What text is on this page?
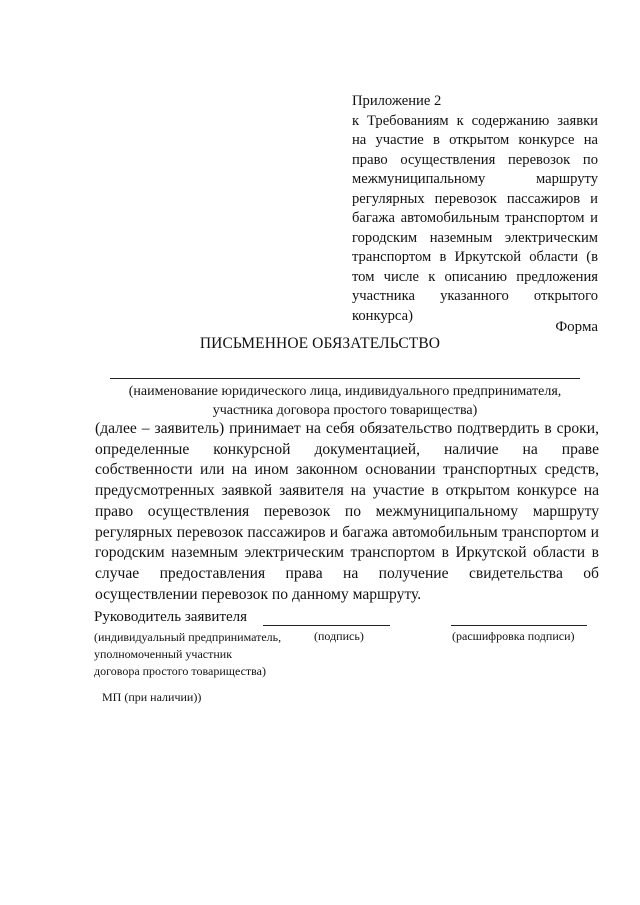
Приложение 2
к Требованиям к содержанию заявки на участие в открытом конкурсе на право осуществления перевозок по межмуниципальному маршруту регулярных перевозок пассажиров и багажа автомобильным транспортом и городским наземным электрическим транспортом в Иркутской области (в том числе к описанию предложения участника указанного открытого конкурса)
Форма
ПИСЬМЕННОЕ ОБЯЗАТЕЛЬСТВО
(наименование юридического лица, индивидуального предпринимателя,
участника договора простого товарищества)
(далее – заявитель) принимает на себя обязательство подтвердить в сроки, определенные конкурсной документацией, наличие на праве собственности или на ином законном основании транспортных средств, предусмотренных заявкой заявителя на участие в открытом конкурсе на право осуществления перевозок по межмуниципальному маршруту регулярных перевозок пассажиров и багажа автомобильным транспортом и городским наземным электрическим транспортом в Иркутской области в случае предоставления права на получение свидетельства об осуществлении перевозок по данному маршруту.
Руководитель заявителя
(индивидуальный предприниматель,
уполномоченный участник
договора простого товарищества)
(подпись)	(расшифровка подписи)
МП (при наличии))
